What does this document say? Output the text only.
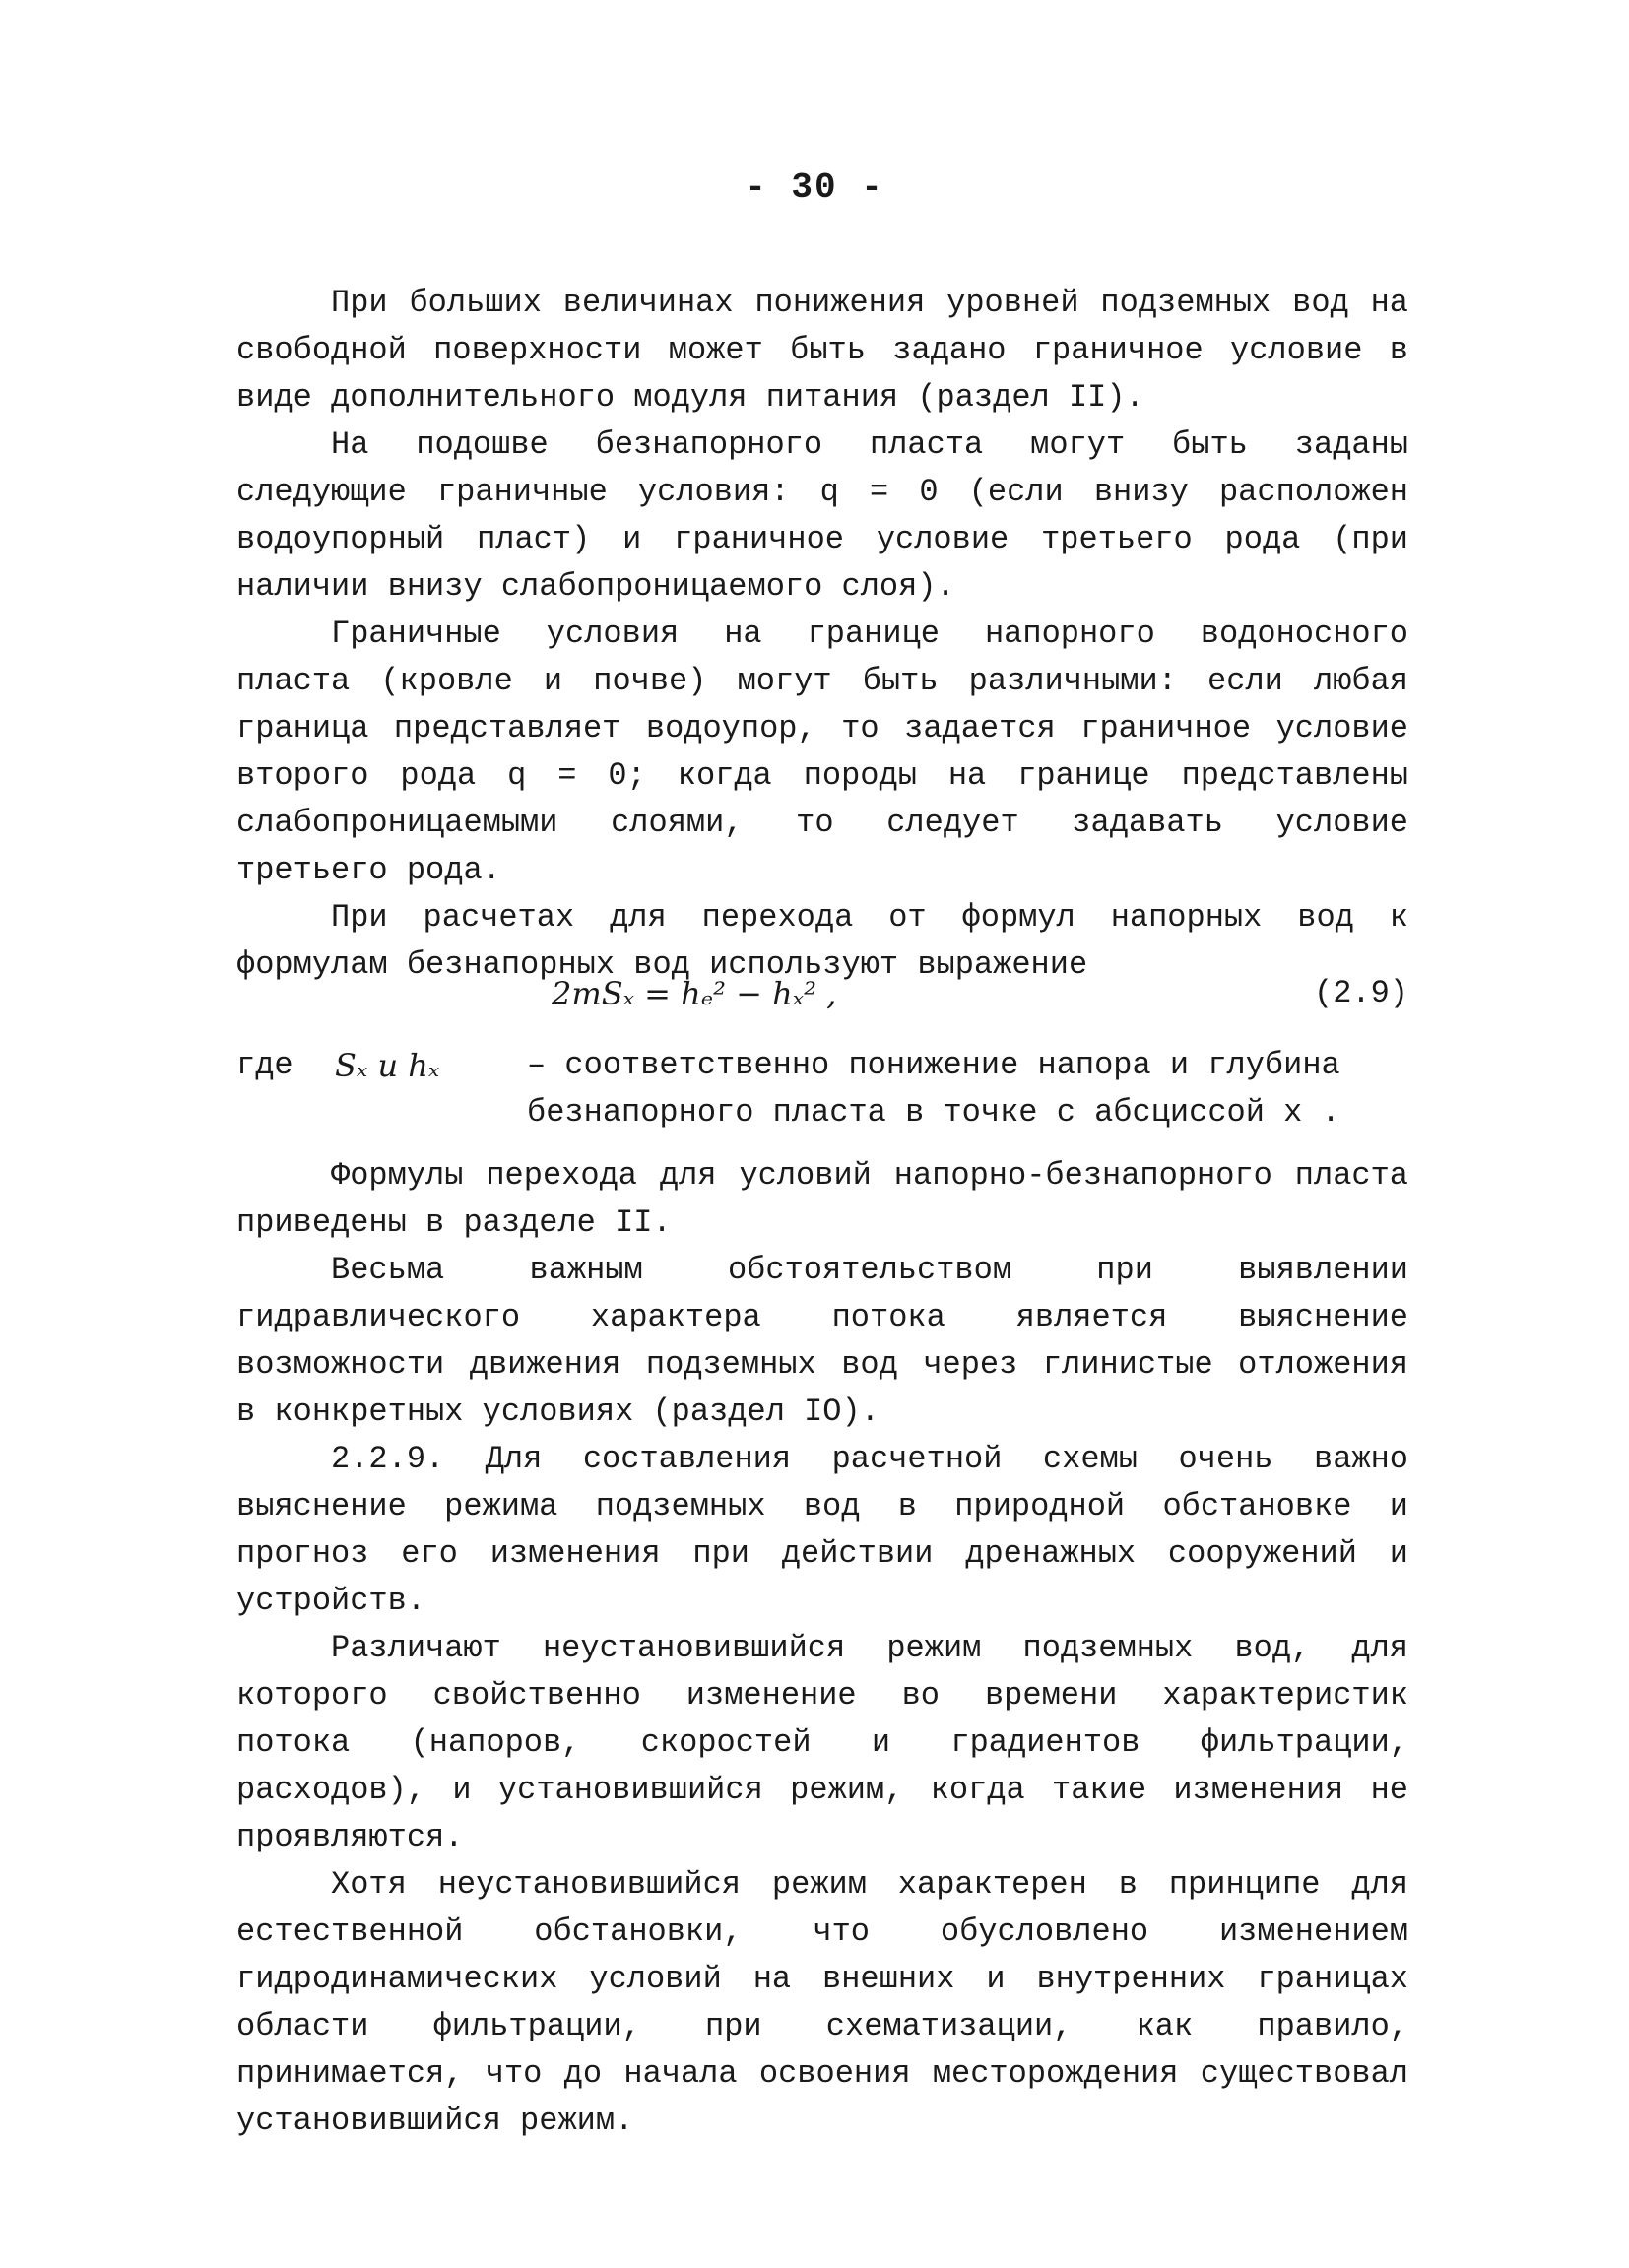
- 30 -

При больших величинах понижения уровней подземных вод на свободной поверхности может быть задано граничное условие в виде дополнительного модуля питания (раздел II).

На подошве безнапорного пласта могут быть заданы следующие граничные условия: q = 0 (если внизу расположен водоупорный пласт) и граничное условие третьего рода (при наличии внизу слабопроницаемого слоя).

Граничные условия на границе напорного водоносного пласта (кровле и почве) могут быть различными: если любая граница представляет водоупор, то задается граничное условие второго рода q = 0; когда породы на границе представлены слабопроницаемыми слоями, то следует задавать условие третьего рода.

При расчетах для перехода от формул напорных вод к формулам безнапорных вод используют выражение

2mSₓ = hₑ² − hₓ² ,	(2.9)
где Sₓ и hₓ	– соответственно понижение напора и глубина безнапорного пласта в точке с абсциссой x .

Формулы перехода для условий напорно-безнапорного пласта приведены в разделе II.

Весьма важным обстоятельством при выявлении гидравлического характера потока является выяснение возможности движения подземных вод через глинистые отложения в конкретных условиях (раздел IO).

2.2.9. Для составления расчетной схемы очень важно выяснение режима подземных вод в природной обстановке и прогноз его изменения при действии дренажных сооружений и устройств.

Различают неустановившийся режим подземных вод, для которого свойственно изменение во времени характеристик потока (напоров, скоростей и градиентов фильтрации, расходов), и установившийся режим, когда такие изменения не проявляются.

Хотя неустановившийся режим характерен в принципе для естественной обстановки, что обусловлено изменением гидродинамических условий на внешних и внутренних границах области фильтрации, при схематизации, как правило, принимается, что до начала освоения месторождения существовал установившийся режим.
